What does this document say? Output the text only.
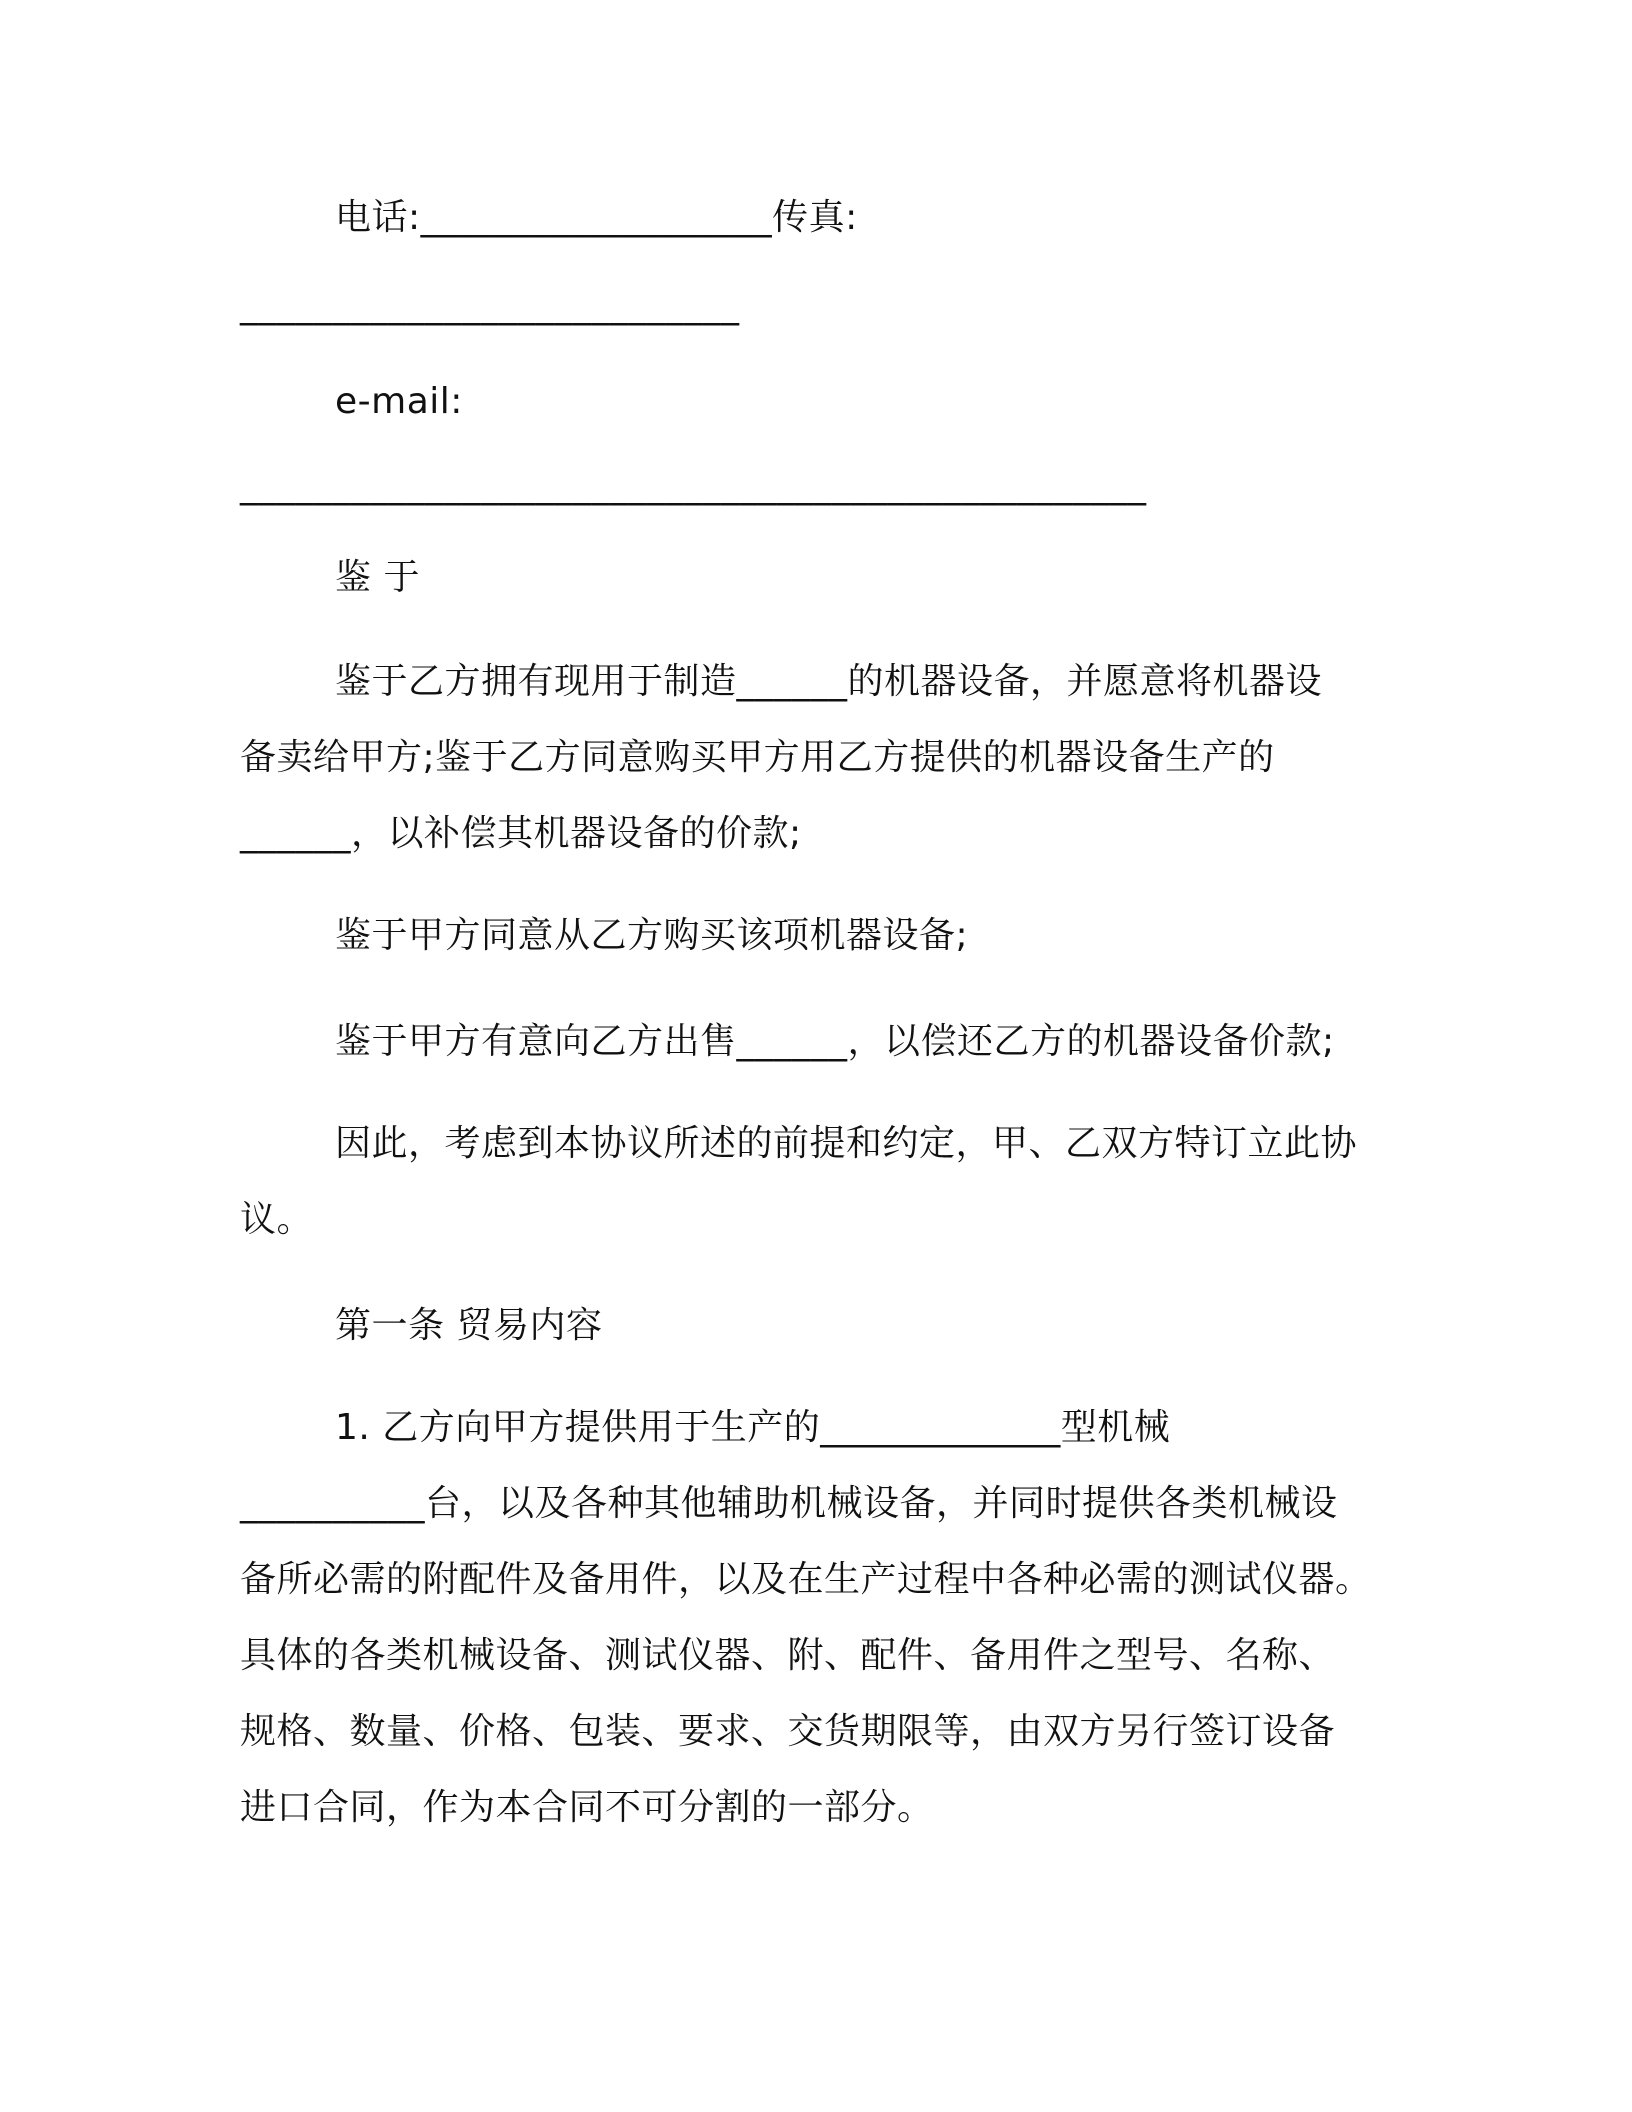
电话:___________________传真:
___________________________
e-mail:
_________________________________________________
鉴 于
鉴于乙方拥有现用于制造______的机器设备，并愿意将机器设
备卖给甲方;鉴于乙方同意购买甲方用乙方提供的机器设备生产的
______，以补偿其机器设备的价款;
鉴于甲方同意从乙方购买该项机器设备;
鉴于甲方有意向乙方出售______，以偿还乙方的机器设备价款;
因此，考虑到本协议所述的前提和约定，甲、乙双方特订立此协
议。
第一条 贸易内容
1. 乙方向甲方提供用于生产的_____________型机械
__________台，以及各种其他辅助机械设备，并同时提供各类机械设
备所必需的附配件及备用件，以及在生产过程中各种必需的测试仪器。
具体的各类机械设备、测试仪器、附、配件、备用件之型号、名称、
规格、数量、价格、包装、要求、交货期限等，由双方另行签订设备
进口合同，作为本合同不可分割的一部分。
